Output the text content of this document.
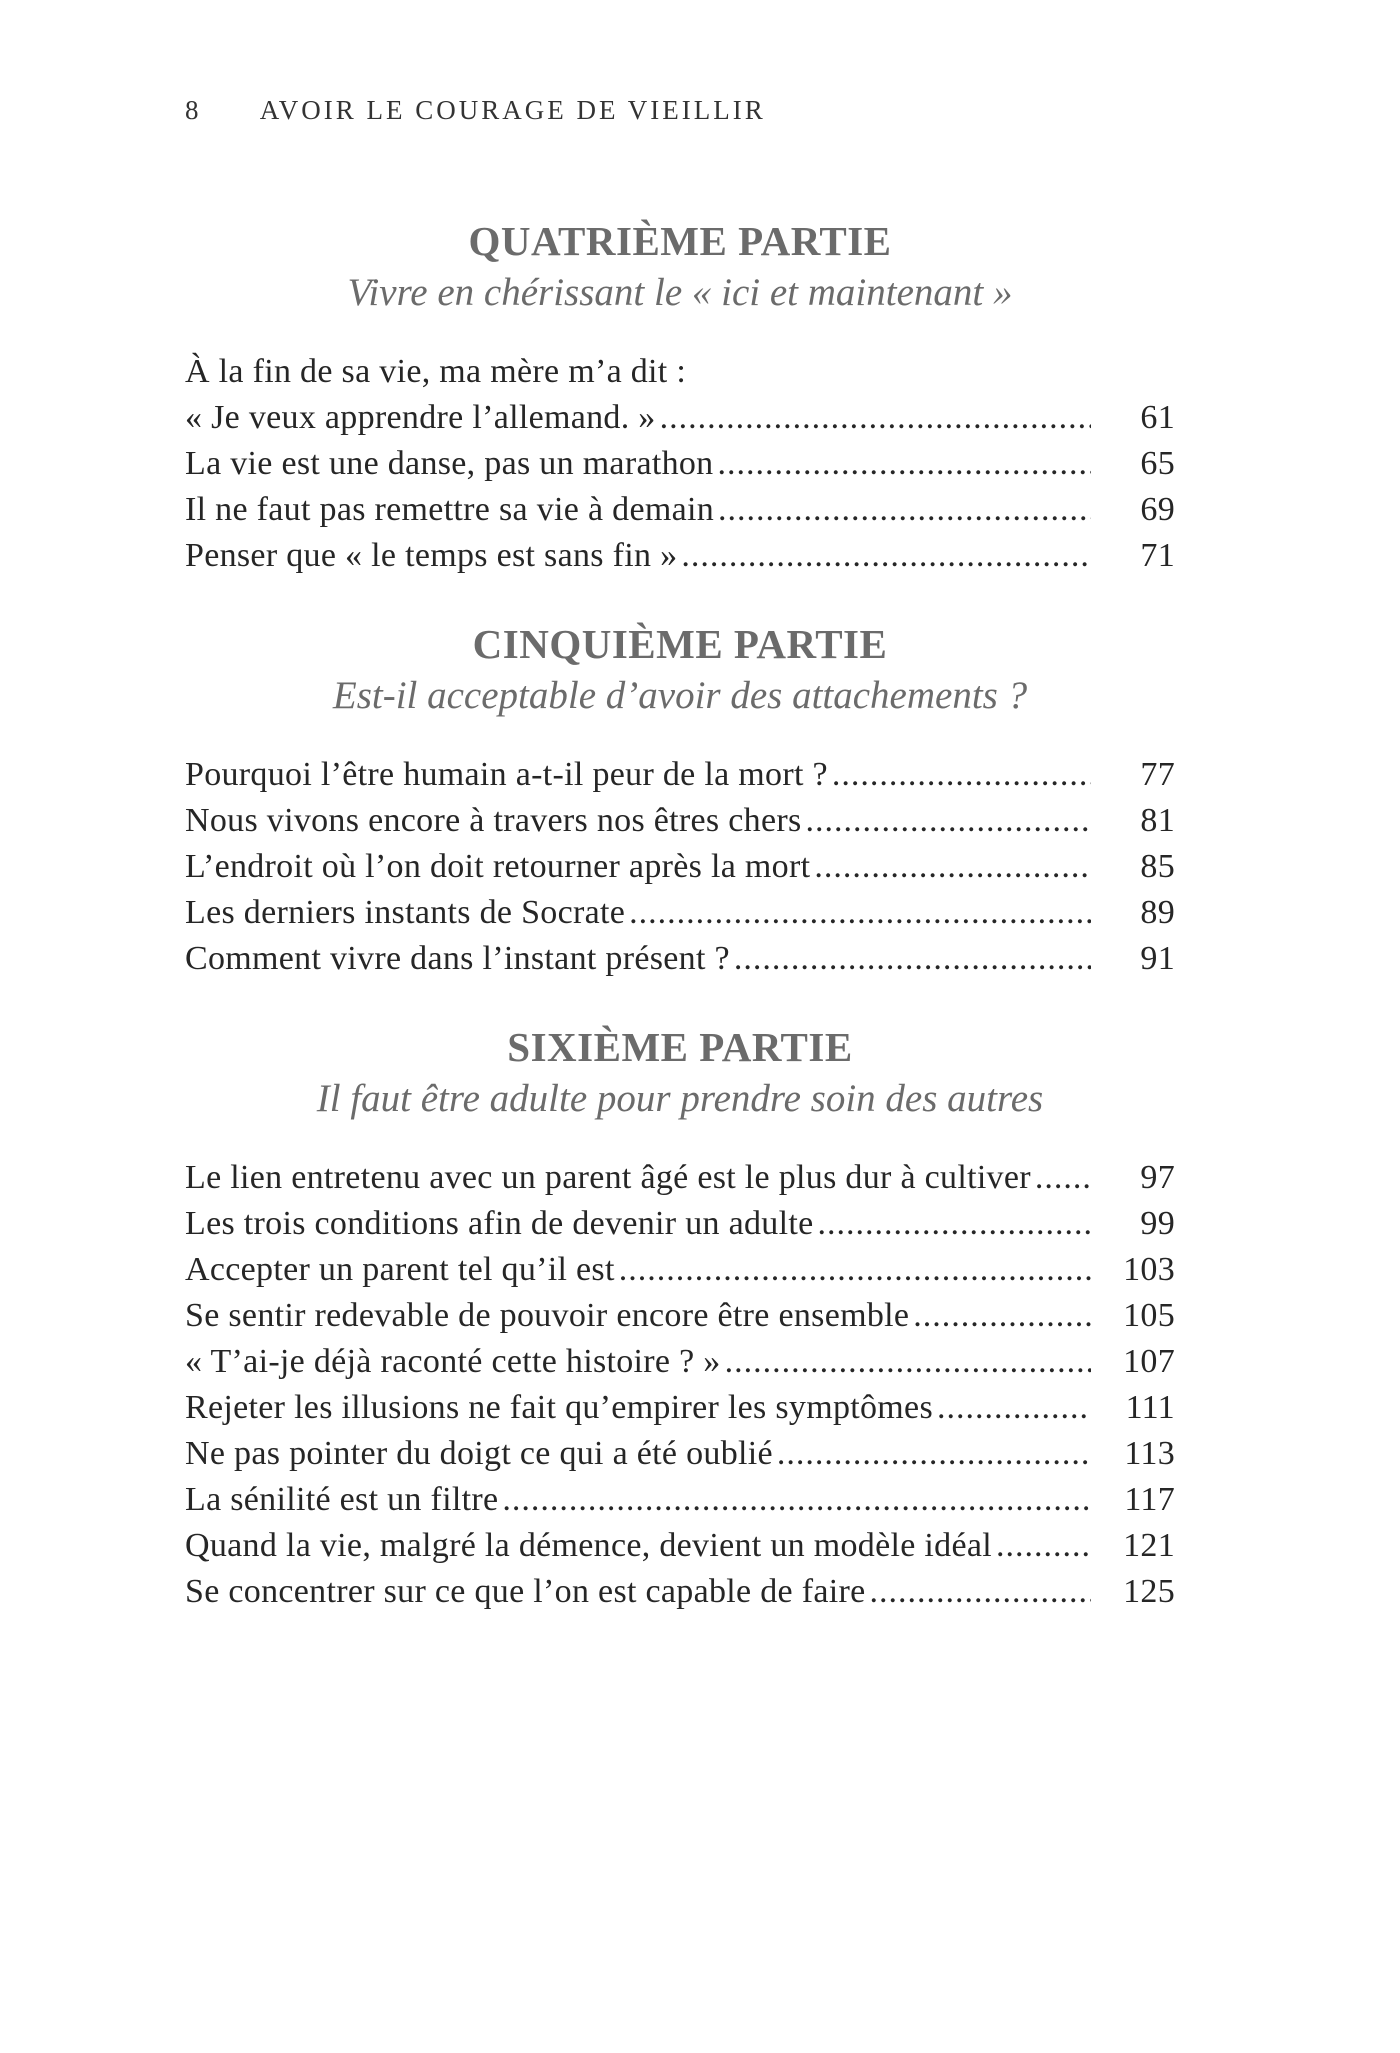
8 AVOIR LE COURAGE DE VIEILLIR
QUATRIÈME PARTIE
Vivre en chérissant le « ici et maintenant »
À la fin de sa vie, ma mère m’a dit :
« Je veux apprendre l’allemand. » .....	61
La vie est une danse, pas un marathon .....	65
Il ne faut pas remettre sa vie à demain .....	69
Penser que « le temps est sans fin » .....	71
CINQUIÈME PARTIE
Est-il acceptable d’avoir des attachements ?
Pourquoi l’être humain a-t-il peur de la mort ? .....	77
Nous vivons encore à travers nos êtres chers .....	81
L’endroit où l’on doit retourner après la mort .....	85
Les derniers instants de Socrate .....	89
Comment vivre dans l’instant présent ? .....	91
SIXIÈME PARTIE
Il faut être adulte pour prendre soin des autres
Le lien entretenu avec un parent âgé est le plus dur à cultiver .....	97
Les trois conditions afin de devenir un adulte .....	99
Accepter un parent tel qu’il est .....	103
Se sentir redevable de pouvoir encore être ensemble .....	105
« T’ai-je déjà raconté cette histoire ? » .....	107
Rejeter les illusions ne fait qu’empirer les symptômes .....	111
Ne pas pointer du doigt ce qui a été oublié .....	113
La sénilité est un filtre .....	117
Quand la vie, malgré la démence, devient un modèle idéal .....	121
Se concentrer sur ce que l’on est capable de faire .....	125
